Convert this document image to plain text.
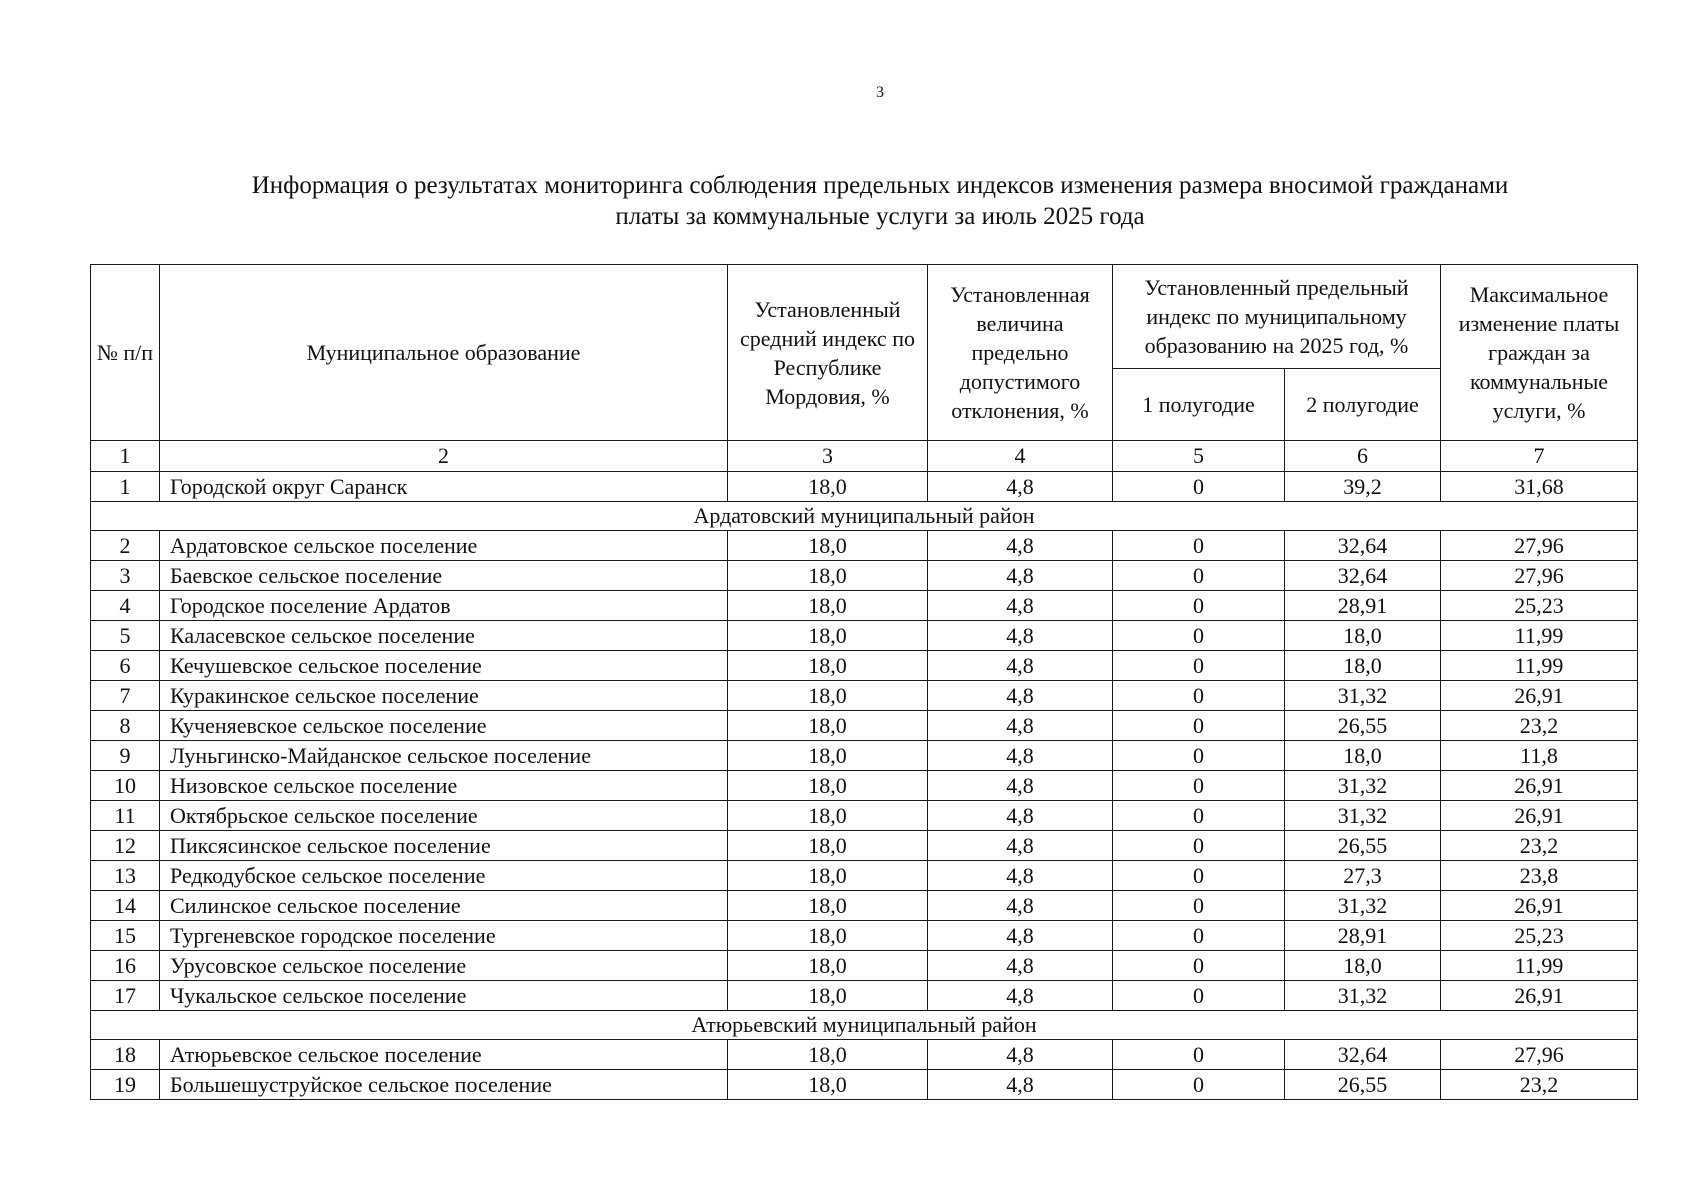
3
Информация о результатах мониторинга соблюдения предельных индексов изменения размера вносимой гражданами
платы за коммунальные услуги за июль 2025 года
№ п/п	Муниципальное образование	Установленный средний индекс по Республике Мордовия, %	Установленная величина предельно допустимого отклонения, %	Установленный предельный индекс по муниципальному образованию на 2025 год, %		Максимальное изменение платы граждан за коммунальные услуги, %
				1 полугодие	2 полугодие	
1	2	3	4	5	6	7
1	Городской округ Саранск	18,0	4,8	0	39,2	31,68
Ардатовский муниципальный район						
2	Ардатовское сельское поселение	18,0	4,8	0	32,64	27,96
3	Баевское сельское поселение	18,0	4,8	0	32,64	27,96
4	Городское поселение Ардатов	18,0	4,8	0	28,91	25,23
5	Каласевское сельское поселение	18,0	4,8	0	18,0	11,99
6	Кечушевское сельское поселение	18,0	4,8	0	18,0	11,99
7	Куракинское сельское поселение	18,0	4,8	0	31,32	26,91
8	Кученяевское сельское поселение	18,0	4,8	0	26,55	23,2
9	Луньгинско-Майданское сельское поселение	18,0	4,8	0	18,0	11,8
10	Низовское сельское поселение	18,0	4,8	0	31,32	26,91
11	Октябрьское сельское поселение	18,0	4,8	0	31,32	26,91
12	Пиксясинское сельское поселение	18,0	4,8	0	26,55	23,2
13	Редкодубское сельское поселение	18,0	4,8	0	27,3	23,8
14	Силинское сельское поселение	18,0	4,8	0	31,32	26,91
15	Тургеневское городское поселение	18,0	4,8	0	28,91	25,23
16	Урусовское сельское поселение	18,0	4,8	0	18,0	11,99
17	Чукальское сельское поселение	18,0	4,8	0	31,32	26,91
Атюрьевский муниципальный район						
18	Атюрьевское сельское поселение	18,0	4,8	0	32,64	27,96
19	Большешуструйское сельское поселение	18,0	4,8	0	26,55	23,2
